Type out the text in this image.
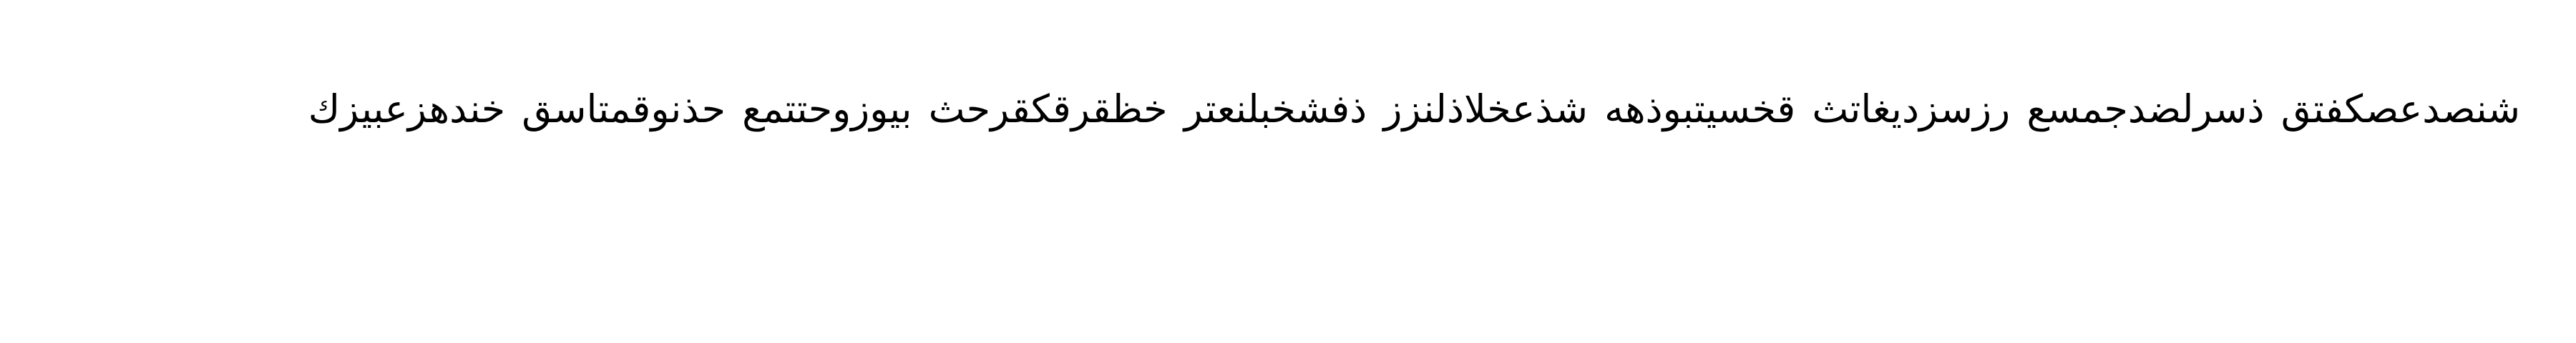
شنصدعصكفتق ذسرلضدجمسع رزسزديغاتث قخسيتبوذهه شذعخلاذلنزز ذفشخبلنعتر خظقرقكقرحث بيوزوحتتمع حذنوقمتاسق خندهزعبيزك
